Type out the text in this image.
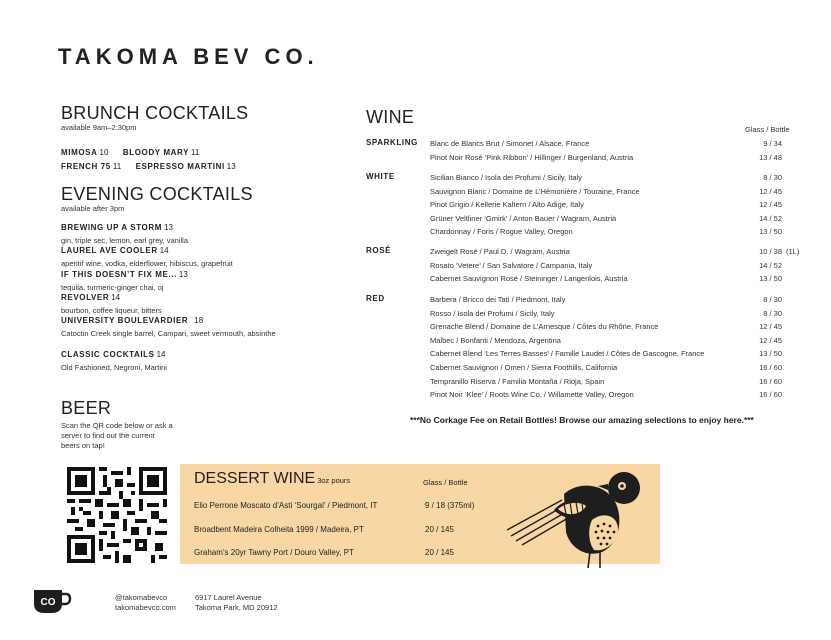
TAKOMA BEV CO.
BRUNCH COCKTAILS
available 9am–2:30pm
MIMOSA 10 BLOODY MARY 11
FRENCH 75 11 ESPRESSO MARTINI 13
EVENING COCKTAILS
available after 3pm
BREWING UP A STORM 13
gin, triple sec, lemon, earl grey, vanilla
LAUREL AVE COOLER 14
aperitif wine, vodka, elderflower, hibiscus, grapefruit
IF THIS DOESN’T FIX ME... 13
tequila, turmeric-ginger chai, oj
REVOLVER 14
bourbon, coffee liqueur, bitters
UNIVERSITY BOULEVARDIER 18
Catoctin Creek single barrel, Campari, sweet vermouth, absinthe
CLASSIC COCKTAILS 14
Old Fashioned, Negroni, Martini
BEER
Scan the QR code below or ask a
server to find out the current
beers on tap!
WINE
Glass / Bottle
SPARKLING Blanc de Blancs Brut / Simonet / Alsace, France	9 / 34
Pinot Noir Rosé ‘Pink Ribbon’ / Hillinger / Burgenland, Austria	13 / 48
WHITE	Sicilian Bianco / Isola dei Profumi / Sicily, Italy	8 / 30
Sauvignon Blanc / Domaine de L’Hémonière / Touraine, France	12 / 45
Pinot Grigio / Kellerie Kaltern / Alto Adige, Italy	12 / 45
Grüner Veltliner ‘Gmirk’ / Anton Bauer / Wagram, Austria	14 / 52
Chardonnay / Foris / Rogue Valley, Oregon	13 / 50
ROSÉ	Zweigelt Rosé / Paul D. / Wagram, Austria	10 / 38 (1L)
Rosato ‘Vetere’ / San Salvatore / Campania, Italy	14 / 52
Cabernet Sauvignon Rosé / Steininger / Langenlois, Austria	13 / 50
RED	Barbera / Bricco dei Tati / Piedmont, Italy	8 / 30
Rosso / Isola dei Profumi / Sicily, Italy	8 / 30
Grenache Blend / Domaine de L’Arnesque / Côtes du Rhône, France	12 / 45
Malbec / Bonfanti / Mendoza, Argentina	12 / 45
Cabernet Blend ‘Les Terres Basses’ / Famille Laudet / Côtes de Gascogne, France	13 / 50
Cabernet Sauvignon / Omen / Sierra Foothills, California	16 / 60
Tempranillo Riserva / Familia Montaña / Rioja, Spain	16 / 60
Pinot Noir ‘Klee’ / Roots Wine Co. / Willamette Valley, Oregon	16 / 60
***No Corkage Fee on Retail Bottles! Browse our amazing selections to enjoy here.***
DESSERT WINE 3oz pours	Glass / Bottle
Elio Perrone Moscato d’Asti ‘Sourgal’ / Piedmont, IT	9 / 18 (375ml)
Broadbent Madeira Colheita 1999 / Madeira, PT	20 / 145
Graham’s 20yr Tawny Port / Douro Valley, PT	20 / 145
CO	@takomabevco
takomabevco.com
6917 Laurel Avenue
Takoma Park, MD 20912
